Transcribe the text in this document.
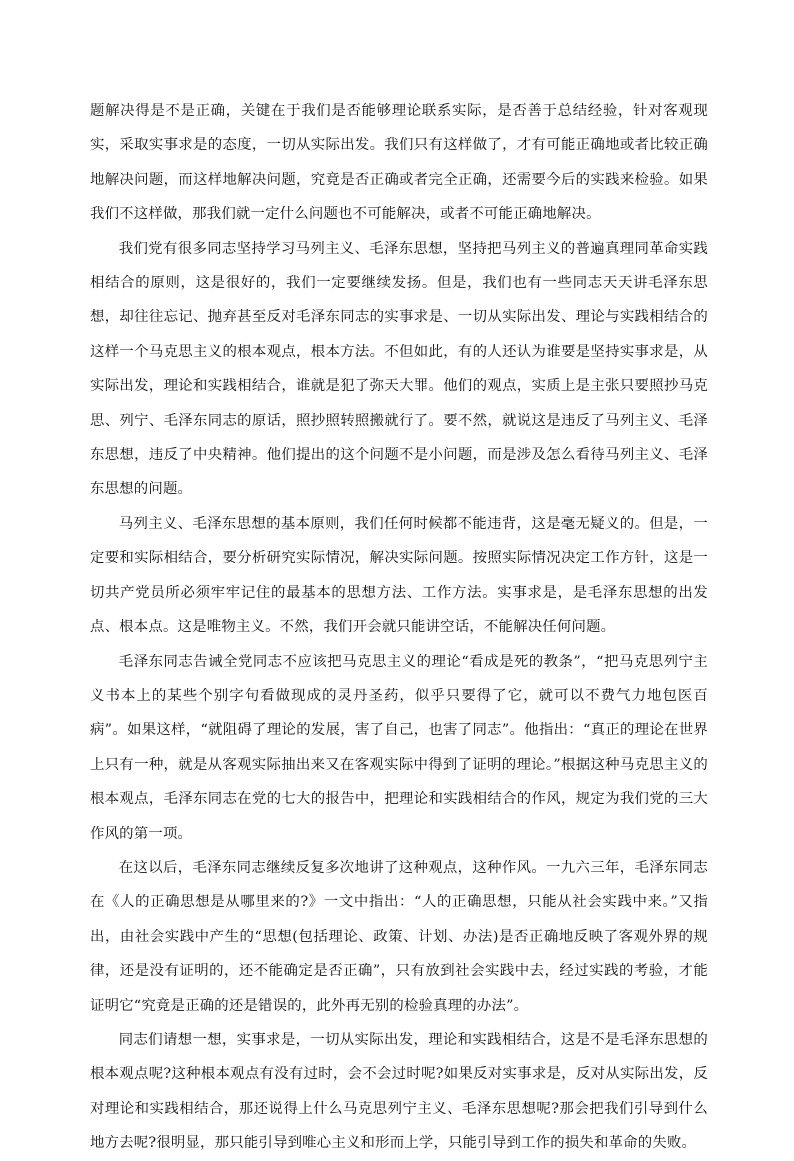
题解决得是不是正确，关键在于我们是否能够理论联系实际，是否善于总结经验，针对客观现实，采取实事求是的态度，一切从实际出发。我们只有这样做了，才有可能正确地或者比较正确地解决问题，而这样地解决问题，究竟是否正确或者完全正确，还需要今后的实践来检验。如果我们不这样做，那我们就一定什么问题也不可能解决，或者不可能正确地解决。

我们党有很多同志坚持学习马列主义、毛泽东思想，坚持把马列主义的普遍真理同革命实践相结合的原则，这是很好的，我们一定要继续发扬。但是，我们也有一些同志天天讲毛泽东思想，却往往忘记、抛弃甚至反对毛泽东同志的实事求是、一切从实际出发、理论与实践相结合的这样一个马克思主义的根本观点，根本方法。不但如此，有的人还认为谁要是坚持实事求是，从实际出发，理论和实践相结合，谁就是犯了弥天大罪。他们的观点，实质上是主张只要照抄马克思、列宁、毛泽东同志的原话，照抄照转照搬就行了。要不然，就说这是违反了马列主义、毛泽东思想，违反了中央精神。他们提出的这个问题不是小问题，而是涉及怎么看待马列主义、毛泽东思想的问题。

马列主义、毛泽东思想的基本原则，我们任何时候都不能违背，这是毫无疑义的。但是，一定要和实际相结合，要分析研究实际情况，解决实际问题。按照实际情况决定工作方针，这是一切共产党员所必须牢牢记住的最基本的思想方法、工作方法。实事求是，是毛泽东思想的出发点、根本点。这是唯物主义。不然，我们开会就只能讲空话，不能解决任何问题。

毛泽东同志告诫全党同志不应该把马克思主义的理论“看成是死的教条”，“把马克思列宁主义书本上的某些个别字句看做现成的灵丹圣药，似乎只要得了它，就可以不费气力地包医百病”。如果这样，“就阻碍了理论的发展，害了自己，也害了同志”。他指出：“真正的理论在世界上只有一种，就是从客观实际抽出来又在客观实际中得到了证明的理论。”根据这种马克思主义的根本观点，毛泽东同志在党的七大的报告中，把理论和实践相结合的作风，规定为我们党的三大作风的第一项。

在这以后，毛泽东同志继续反复多次地讲了这种观点，这种作风。一九六三年，毛泽东同志在《人的正确思想是从哪里来的?》一文中指出：“人的正确思想，只能从社会实践中来。”又指出，由社会实践中产生的“思想(包括理论、政策、计划、办法)是否正确地反映了客观外界的规律，还是没有证明的，还不能确定是否正确”，只有放到社会实践中去，经过实践的考验，才能证明它“究竟是正确的还是错误的，此外再无别的检验真理的办法”。

同志们请想一想，实事求是，一切从实际出发，理论和实践相结合，这是不是毛泽东思想的根本观点呢?这种根本观点有没有过时，会不会过时呢?如果反对实事求是，反对从实际出发，反对理论和实践相结合，那还说得上什么马克思列宁主义、毛泽东思想呢?那会把我们引导到什么地方去呢?很明显，那只能引导到唯心主义和形而上学，只能引导到工作的损失和革命的失败。
